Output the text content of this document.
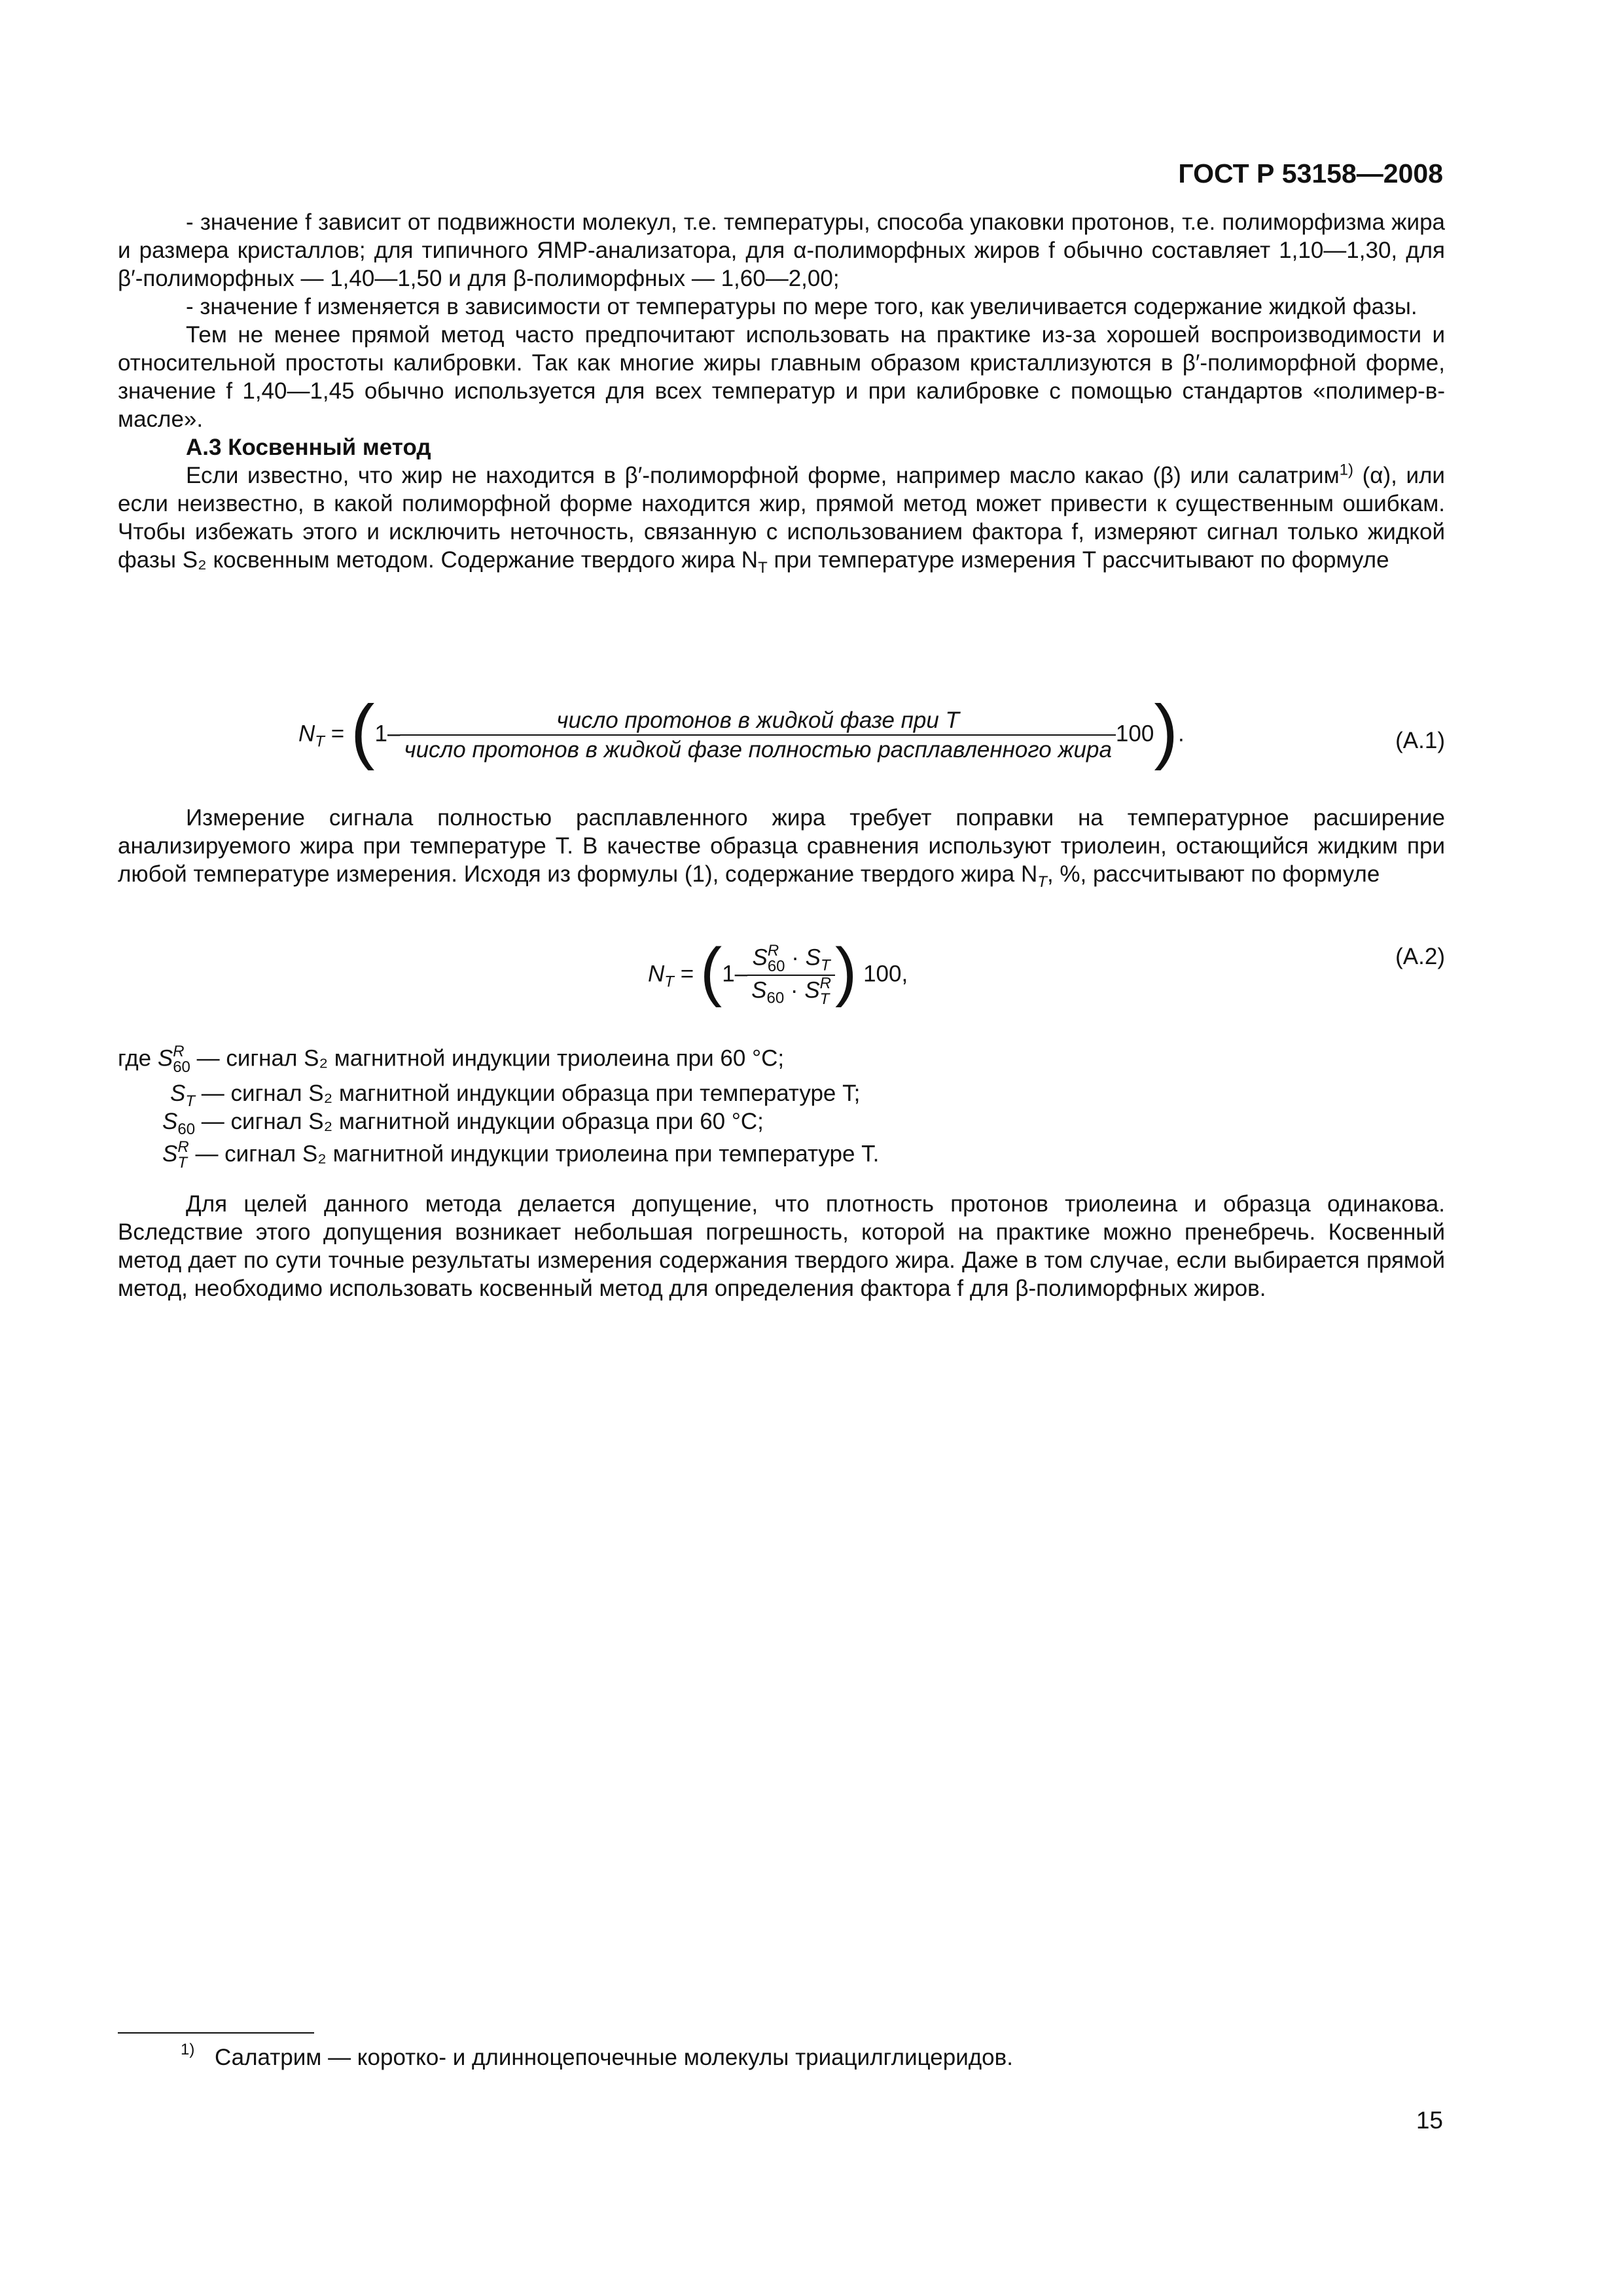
ГОСТ Р 53158—2008

- значение f зависит от подвижности молекул, т.е. температуры, способа упаковки протонов, т.е. полиморфизма жира и размера кристаллов; для типичного ЯМР-анализатора, для α-полиморфных жиров f обычно составляет 1,10—1,30, для β′-полиморфных — 1,40—1,50 и для β-полиморфных — 1,60—2,00;

- значение f изменяется в зависимости от температуры по мере того, как увеличивается содержание жидкой фазы.

Тем не менее прямой метод часто предпочитают использовать на практике из-за хорошей воспроизводимости и относительной простоты калибровки. Так как многие жиры главным образом кристаллизуются в β′-полиморфной форме, значение f 1,40—1,45 обычно используется для всех температур и при калибровке с помощью стандартов «полимер-в-масле».

А.3 Косвенный метод

Если известно, что жир не находится в β′-полиморфной форме, например масло какао (β) или салатрим$^{1)}$ (α), или если неизвестно, в какой полиморфной форме находится жир, прямой метод может привести к существенным ошибкам. Чтобы избежать этого и исключить неточность, связанную с использованием фактора f, измеряют сигнал только жидкой фазы S₂ косвенным методом. Содержание твердого жира $N_T$ при температуре измерения T рассчитывают по формуле

$N_T = (1- \frac{\text{число протонов в жидкой фазе при T}}{\text{число протонов в жидкой фазе полностью расплавленного жира}} 100)$.	(А.1)

Измерение сигнала полностью расплавленного жира требует поправки на температурное расширение анализируемого жира при температуре T. В качестве образца сравнения используют триолеин, остающийся жидким при любой температуре измерения. Исходя из формулы (1), содержание твердого жира $N_T$, %, рассчитывают по формуле

$N_T = (1-$ S R
$60 \cdot S_T$
$S_{60} \cdot S$ R
T ) 100,
(А.2)

где S R
60 — сигнал S₂ магнитной индукции триолеина при 60 °С;

$S_T$ — сигнал S₂ магнитной индукции образца при температуре T;

$S_{60}$ — сигнал S₂ магнитной индукции образца при 60 °С;

S R
T — сигнал S₂ магнитной индукции триолеина при температуре T.

Для целей данного метода делается допущение, что плотность протонов триолеина и образца одинакова. Вследствие этого допущения возникает небольшая погрешность, которой на практике можно пренебречь. Косвенный метод дает по сути точные результаты измерения содержания твердого жира. Даже в том случае, если выбирается прямой метод, необходимо использовать косвенный метод для определения фактора f для β-полиморфных жиров.

1) Салатрим — коротко- и длинноцепочечные молекулы триацилглицеридов.
15
